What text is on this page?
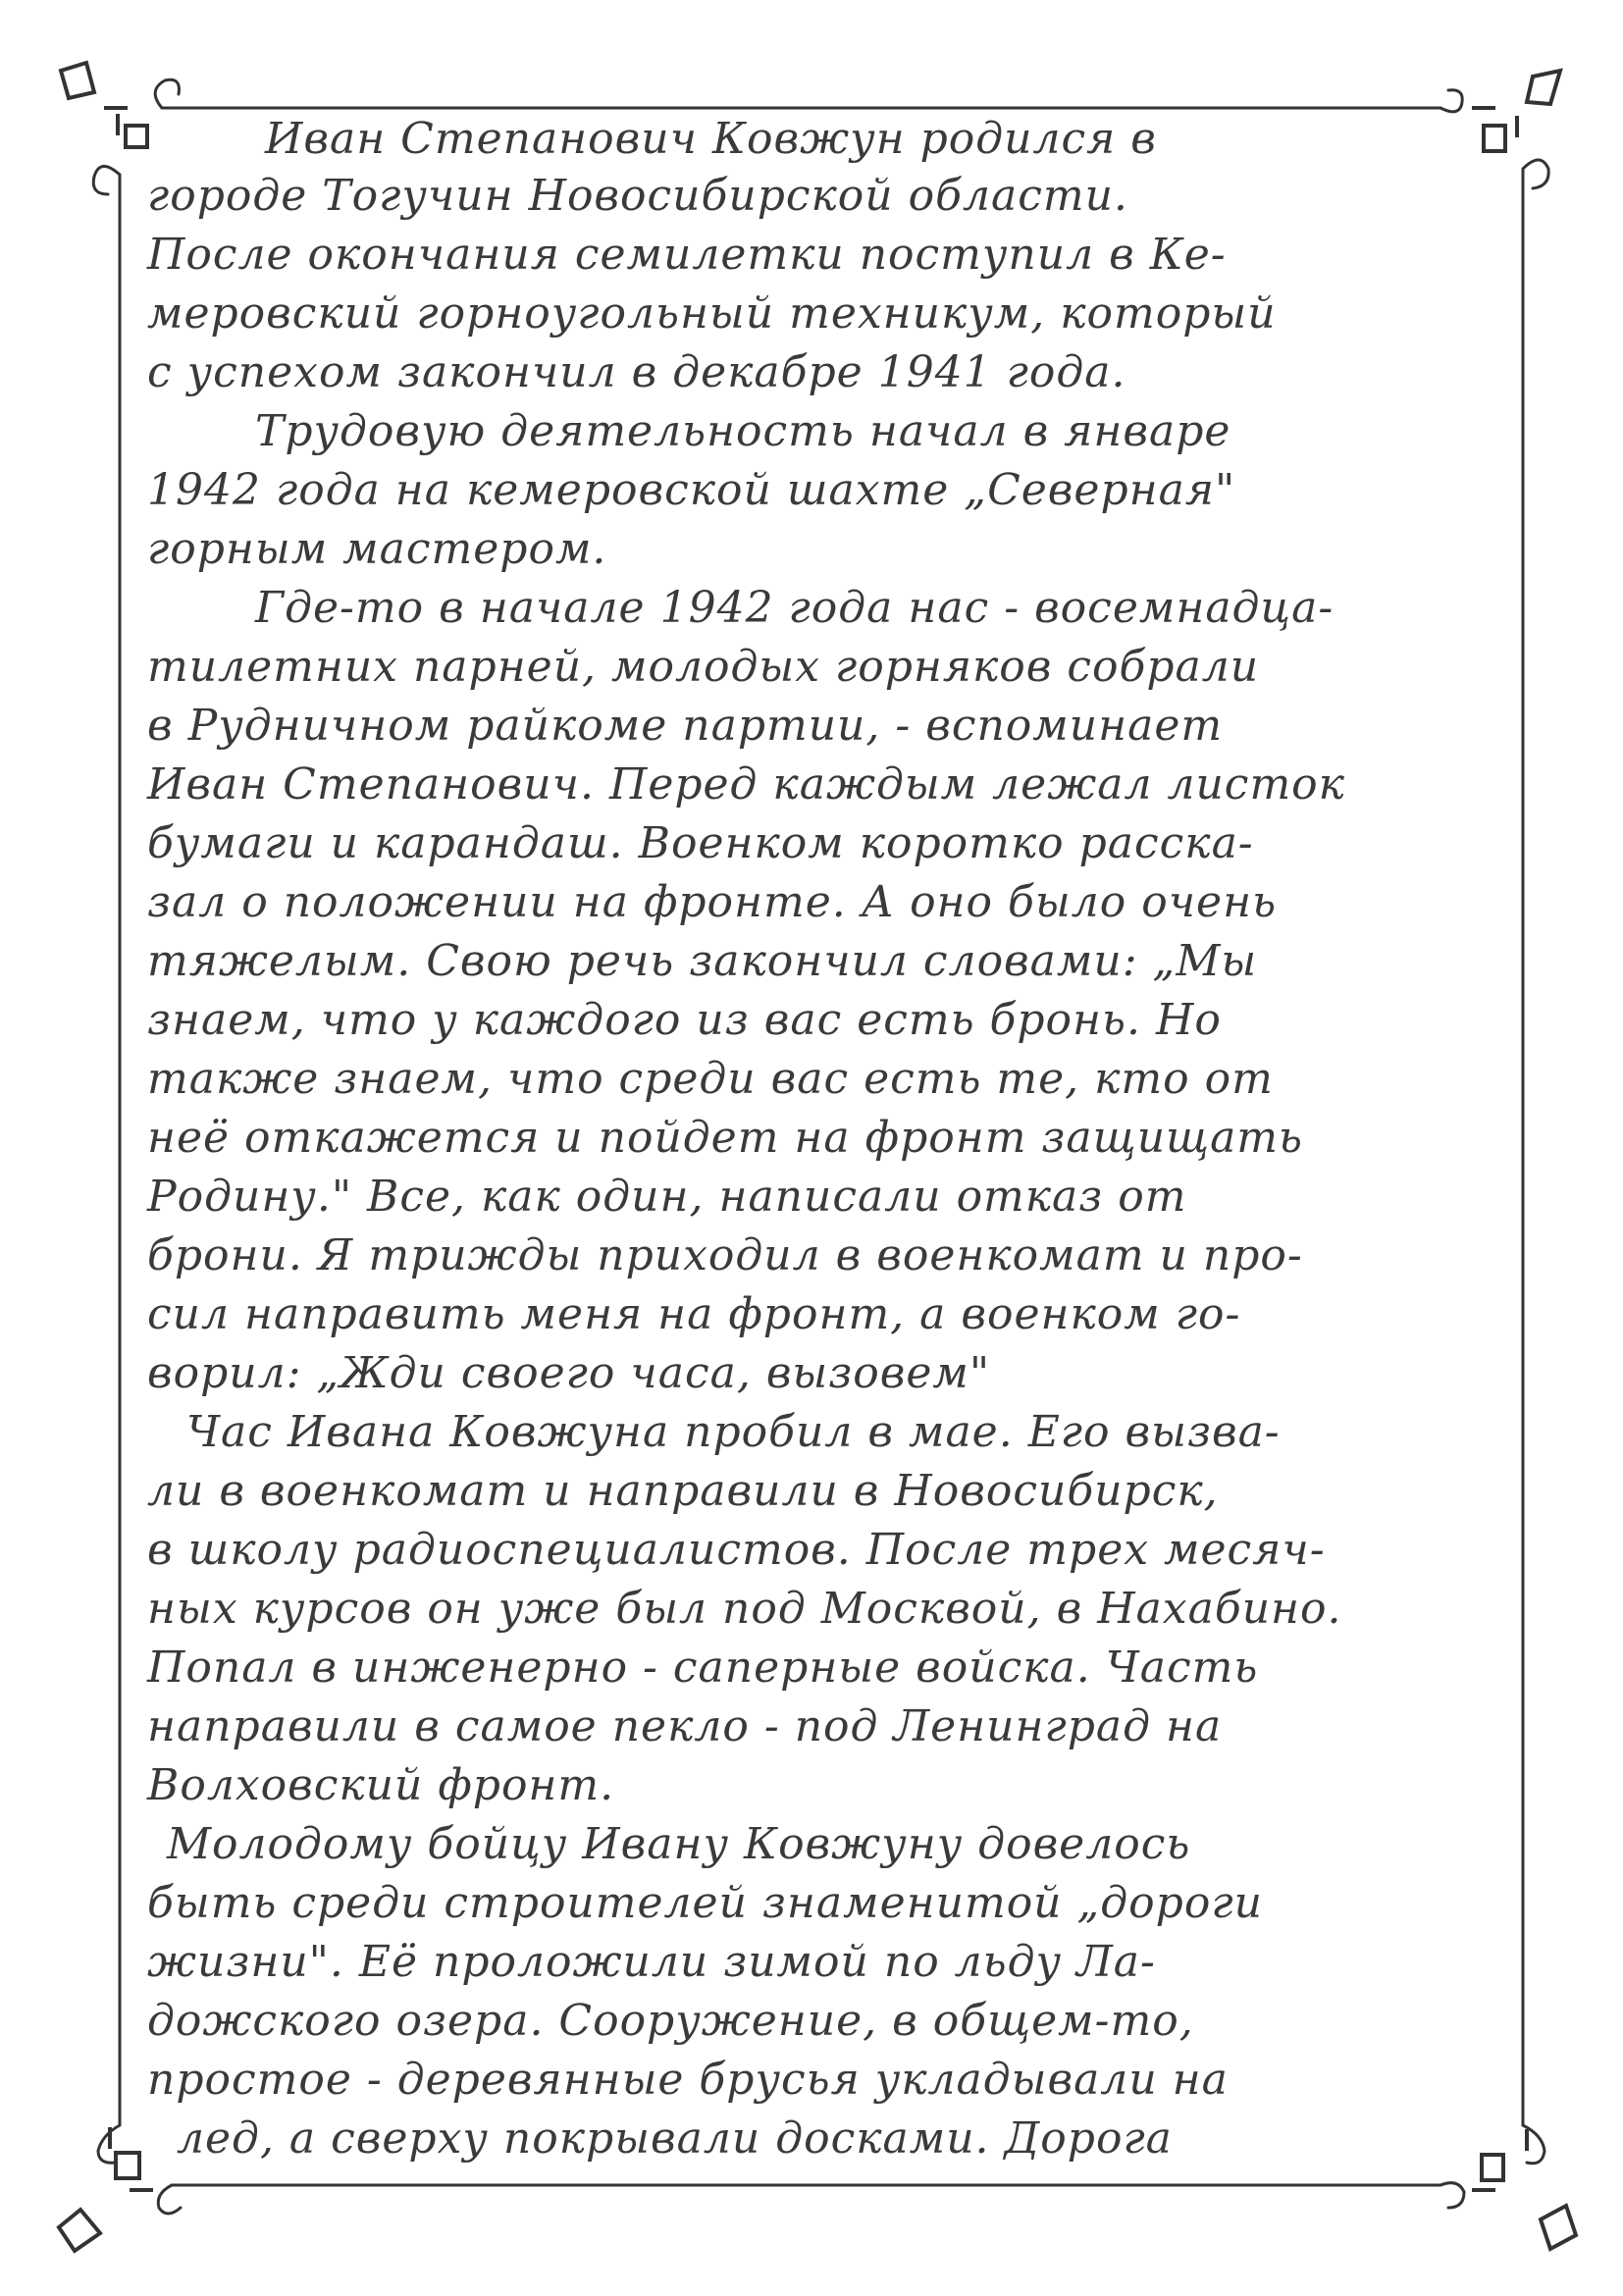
Иван Степанович Ковжун родился в
городе Тогучин Новосибирской области.
После окончания семилетки поступил в Ке-
меровский горноугольный техникум, который
с успехом закончил в декабре 1941 года.
Трудовую деятельность начал в январе
1942 года на кемеровской шахте „Северная"
горным мастером.
Где-то в начале 1942 года нас - восемнадца-
тилетних парней, молодых горняков собрали
в Рудничном райкоме партии, - вспоминает
Иван Степанович. Перед каждым лежал листок
бумаги и карандаш. Военком коротко расска-
зал о положении на фронте. А оно было очень
тяжелым. Свою речь закончил словами: „Мы
знаем, что у каждого из вас есть бронь. Но
также знаем, что среди вас есть те, кто от
неё откажется и пойдет на фронт защищать
Родину." Все, как один, написали отказ от
брони. Я трижды приходил в военкомат и про-
сил направить меня на фронт, а военком го-
ворил: „Жди своего часа, вызовем"
Час Ивана Ковжуна пробил в мае. Его вызва-
ли в военкомат и направили в Новосибирск,
в школу радиоспециалистов. После трех месяч-
ных курсов он уже был под Москвой, в Нахабино.
Попал в инженерно - саперные войска. Часть
направили в самое пекло - под Ленинград на
Волховский фронт.
Молодому бойцу Ивану Ковжуну довелось
быть среди строителей знаменитой „дороги
жизни". Её проложили зимой по льду Ла-
дожского озера. Сооружение, в общем-то,
простое - деревянные брусья укладывали на
лед, а сверху покрывали досками. Дорога
